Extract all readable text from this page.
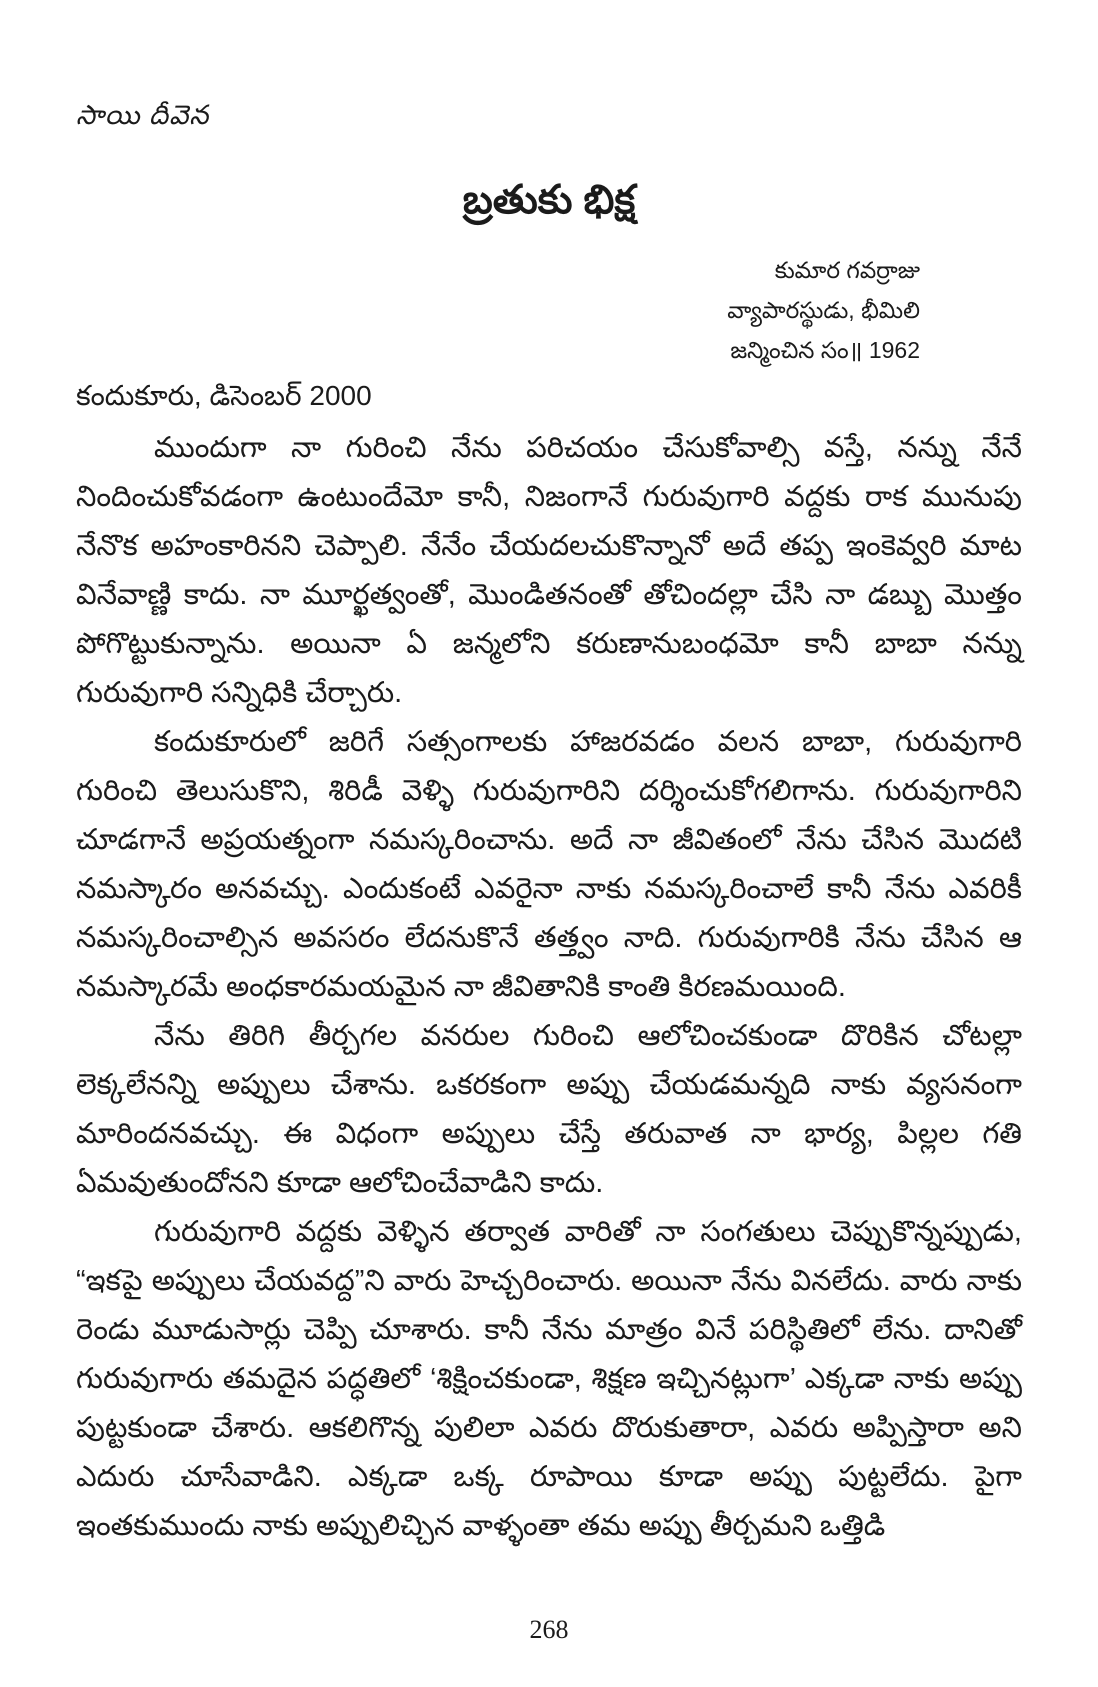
సాయి దీవెన
బ్రతుకు భిక్ష
కుమార గవర్రాజు
వ్యాపారస్థుడు, భీమిలి
జన్మించిన సం॥ 1962
కందుకూరు, డిసెంబర్ 2000

ముందుగా నా గురించి నేను పరిచయం చేసుకోవాల్సి వస్తే, నన్ను నేనే నిందించుకోవడంగా ఉంటుందేమో కానీ, నిజంగానే గురువుగారి వద్దకు రాక మునుపు నేనొక అహంకారినని చెప్పాలి. నేనేం చేయదలచుకొన్నానో అదే తప్ప ఇంకెవ్వరి మాట వినేవాణ్ణి కాదు. నా మూర్ఖత్వంతో, మొండితనంతో తోచిందల్లా చేసి నా డబ్బు మొత్తం పోగొట్టుకున్నాను. అయినా ఏ జన్మలోని కరుణానుబంధమో కానీ బాబా నన్ను గురువుగారి సన్నిధికి చేర్చారు.

కందుకూరులో జరిగే సత్సంగాలకు హాజరవడం వలన బాబా, గురువుగారి గురించి తెలుసుకొని, శిరిడీ వెళ్ళి గురువుగారిని దర్శించుకోగలిగాను. గురువుగారిని చూడగానే అప్రయత్నంగా నమస్కరించాను. అదే నా జీవితంలో నేను చేసిన మొదటి నమస్కారం అనవచ్చు. ఎందుకంటే ఎవరైనా నాకు నమస్కరించాలే కానీ నేను ఎవరికీ నమస్కరించాల్సిన అవసరం లేదనుకొనే తత్త్వం నాది. గురువుగారికి నేను చేసిన ఆ నమస్కారమే అంధకారమయమైన నా జీవితానికి కాంతి కిరణమయింది.

నేను తిరిగి తీర్చగల వనరుల గురించి ఆలోచించకుండా దొరికిన చోటల్లా లెక్కలేనన్ని అప్పులు చేశాను. ఒకరకంగా అప్పు చేయడమన్నది నాకు వ్యసనంగా మారిందనవచ్చు. ఈ విధంగా అప్పులు చేస్తే తరువాత నా భార్య, పిల్లల గతి ఏమవుతుందోనని కూడా ఆలోచించేవాడిని కాదు.

గురువుగారి వద్దకు వెళ్ళిన తర్వాత వారితో నా సంగతులు చెప్పుకొన్నప్పుడు, “ఇకపై అప్పులు చేయవద్ద”ని వారు హెచ్చరించారు. అయినా నేను వినలేదు. వారు నాకు రెండు మూడుసార్లు చెప్పి చూశారు. కానీ నేను మాత్రం వినే పరిస్థితిలో లేను. దానితో గురువుగారు తమదైన పద్ధతిలో ‘శిక్షించకుండా, శిక్షణ ఇచ్చినట్లుగా’ ఎక్కడా నాకు అప్పు పుట్టకుండా చేశారు. ఆకలిగొన్న పులిలా ఎవరు దొరుకుతారా, ఎవరు అప్పిస్తారా అని ఎదురు చూసేవాడిని. ఎక్కడా ఒక్క రూపాయి కూడా అప్పు పుట్టలేదు. పైగా ఇంతకుముందు నాకు అప్పులిచ్చిన వాళ్ళంతా తమ అప్పు తీర్చమని ఒత్తిడి

268
